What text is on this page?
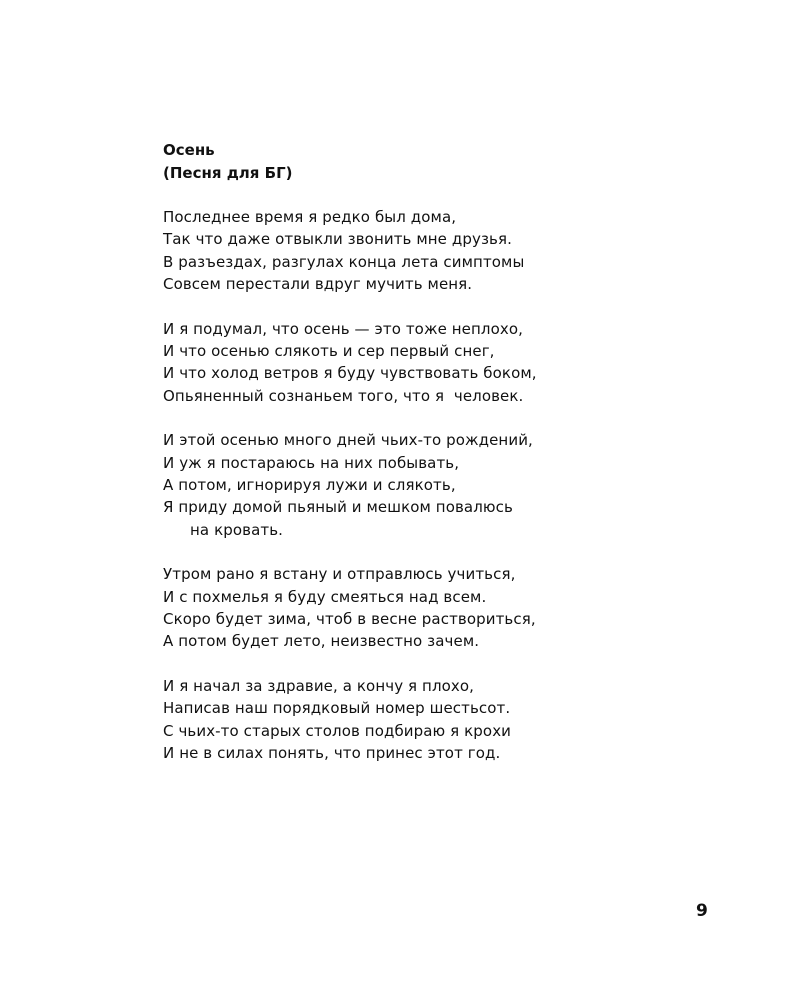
Осень

(Песня для БГ)

Последнее время я редко был дома,

Так что даже отвыкли звонить мне друзья.

В разъездах, разгулах конца лета симптомы

Совсем перестали вдруг мучить меня.

И я подумал, что осень — это тоже неплохо,

И что осенью слякоть и сер первый снег,

И что холод ветров я буду чувствовать боком,

Опьяненный сознаньем того, что я  человек.

И этой осенью много дней чьих-то рождений,

И уж я постараюсь на них побывать,

А потом, игнорируя лужи и слякоть,

Я приду домой пьяный и мешком повалюсь

на кровать.

Утром рано я встану и отправлюсь учиться,

И с похмелья я буду смеяться над всем.

Скоро будет зима, чтоб в весне раствориться,

А потом будет лето, неизвестно зачем.

И я начал за здравие, а кончу я плохо,

Написав наш порядковый номер шестьсот.

С чьих-то старых столов подбираю я крохи

И не в силах понять, что принес этот год.

9
